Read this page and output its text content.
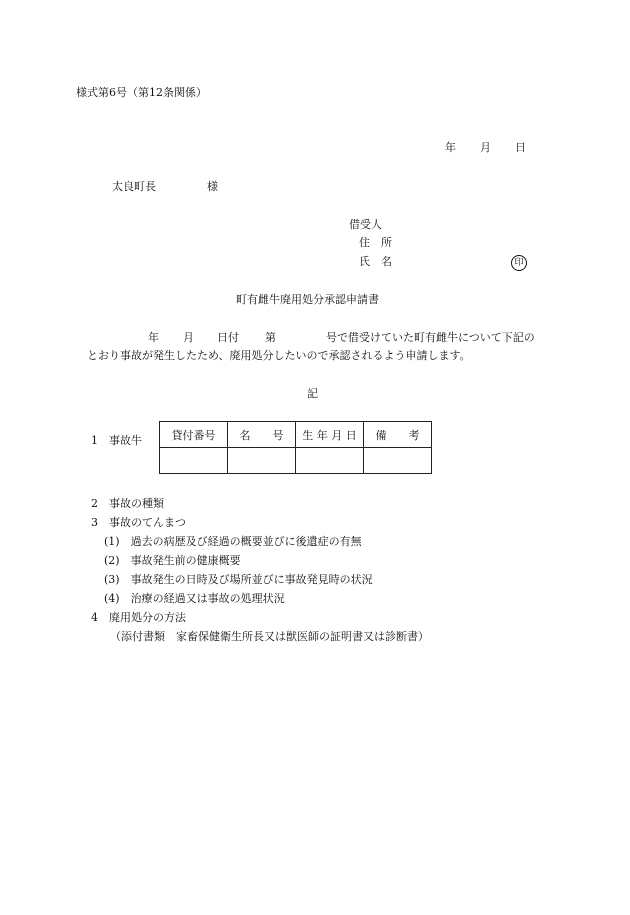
様式第6号（第12条関係）
年 月 日
太良町長	様
借受人
住　所
氏　名	印
町有雌牛廃用処分承認申請書
年 月 日付 第	号で借受けていた町有雌牛について下記の
とおり事故が発生したため、廃用処分したいので承認されるよう申請します。
記
1　事故牛	貸付番号	名　　号	生 年 月 日	備　　考

2　事故の種類
3　事故のてんまつ
(1)　過去の病歴及び経過の概要並びに後遺症の有無
(2)　事故発生前の健康概要
(3)　事故発生の日時及び場所並びに事故発見時の状況
(4)　治療の経過又は事故の処理状況
4　廃用処分の方法
（添付書類　家畜保健衛生所長又は獣医師の証明書又は診断書）
